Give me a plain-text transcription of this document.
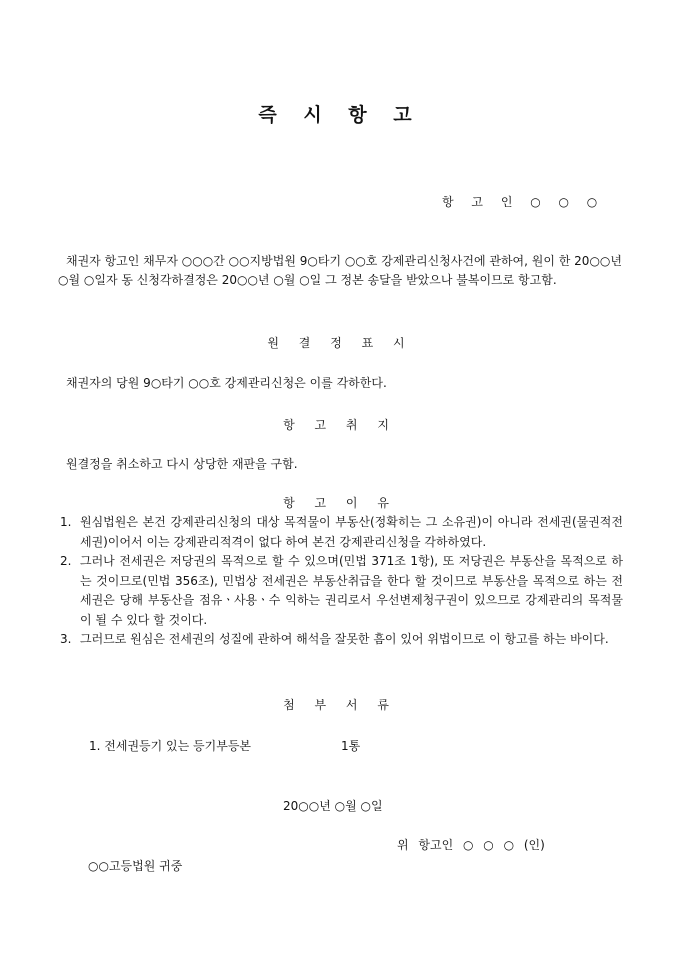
즉 시 항 고
항 고 인 ○ ○ ○

채권자 항고인 채무자 ○○○간 ○○지방법원 9○타기 ○○호 강제관리신청사건에 관하여, 원이 한 20○○년 ○월 ○일자 동 신청각하결정은 20○○년 ○월 ○일 그 정본 송달을 받았으나 불복이므로 항고함.

원 결 정 표 시
채권자의 당원 9○타기 ○○호 강제관리신청은 이를 각하한다.
항 고 취 지
원결정을 취소하고 다시 상당한 재판을 구함.
항 고 이 유
1. 원심법원은 본건 강제관리신청의 대상 목적물이 부동산(정확히는 그 소유권)이 아니라 전세권(물권적전세권)이어서 이는 강제관리적격이 없다 하여 본건 강제관리신청을 각하하였다.
2. 그러나 전세권은 저당권의 목적으로 할 수 있으며(민법 371조 1항), 또 저당권은 부동산을 목적으로 하는 것이므로(민법 356조), 민법상 전세권은 부동산취급을 한다 할 것이므로 부동산을 목적으로 하는 전세권은 당해 부동산을 점유ㆍ사용ㆍ수 익하는 권리로서 우선변제청구권이 있으므로 강제관리의 목적물이 될 수 있다 할 것이다.
3. 그러므로 원심은 전세권의 성질에 관하여 해석을 잘못한 흠이 있어 위법이므로 이 항고를 하는 바이다.
첨 부 서 류
1. 전세권등기 있는 등기부등본	1통
20○○년 ○월 ○일
위 항고인 ○ ○ ○ (인)
○○고등법원 귀중
